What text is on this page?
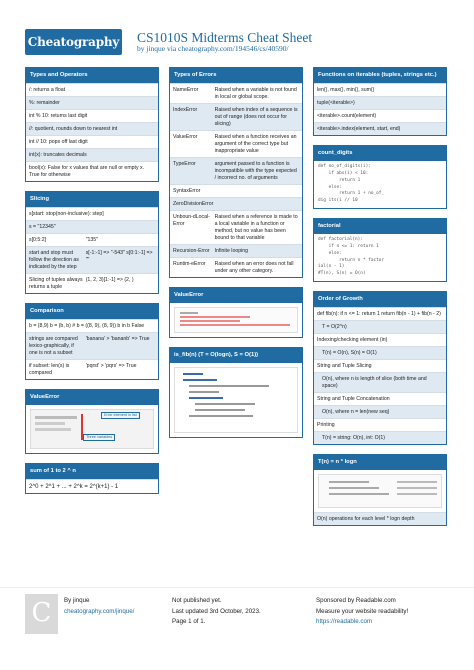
Cheatography CS1010S Midterms Cheat Sheet
by jinque via cheatography.com/194546/cs/40590/
Types and Operators
/: returns a float
%: remainder
int % 10: returns last digit
//: quotient, rounds down to nearest int
int // 10: pops off last digit
int(x): truncates decimals
bool(x): False for x values that are null or empty x. True for otherwise
Slicing
s[start: stop(non-inclusive): step]
s = "12345"
s[0:5:2]	"135"
start and stop must follow the direction as indicated by the step
s[-1:-1] => "-543" s[0:1:-1] => ""
Slicing of tuples always returns a tuple
(1, 2, 3)[1:-1] => (2, )
Comparison
b = (8,9) b = (b, b) # b = ((8, 9), (8, 9)) b in b False
strings are compared lexico-graphically, if one is not a subset
'banana' > 'bananb' => True
if subset: len(s) is compared
'pqrst' > 'pqrs' => True
ValueError
Error element in list
Three variables
sum of 1 to 2 ^ n
2^0 + 2^1 + ... + 2^k = 2^(k+1) - 1
Types of Errors
NameError	Raised when a variable is not found in local or global scope.
IndexError	Raised when index of a sequence is out of range (does not occur for slicing)
ValueError	Raised when a function receives an argument of the correct type but inappropriate value
TypeError	argument passed to a function is incompatible with the type expected / incorrect no. of arguments
SyntaxError
ZeroDivisionError
Unboun-dLocal-Error
Raised when a reference is made to a local variable in a function or method, but no value has been bound to that variable
Recursion-Error Infinite looping
Runtim-eError	Raised when an error does not fall under any other category.
ValueError
is_fib(n) (T = O(logn), S = O(1))
Functions on iterables (tuples, strings etc.)
len(), max(), min(), sum()
tuple(<iterable>)
<iterable>.count(element)
<iterable>.index(element, start, end)
count_digits
def no_of_digits(i):
if abs(i) < 10:
return 1
else:
return 1 + no_of_
dig its(i // 10
factorial
def factorial(n):
if n <= 1: return 1
else:
return n * factor
ial(n - 1)
#T(n), S(n) = O(n)
Order of Growth
def fib(n): if n <= 1: return 1 return fib(n - 1) + fib(n - 2)
T = O(2^n)
Indexing/checking element (in)
T(n) = O(n), S(n) = O(1)
String and Tuple Slicing
O(n), where n is length of slice (both time and space)
String and Tuple Concatenation
O(n), where n = len(new seq)
Printing
T(n) = string: O(n), int: O(1)
T(n) = n * logn
O(n) operations for each level * logn depth
C	By jinque
cheatography.com/jinque/
Not published yet.
Last updated 3rd October, 2023.
Page 1 of 1.
Sponsored by Readable.com
Measure your website readability!
https://readable.com
